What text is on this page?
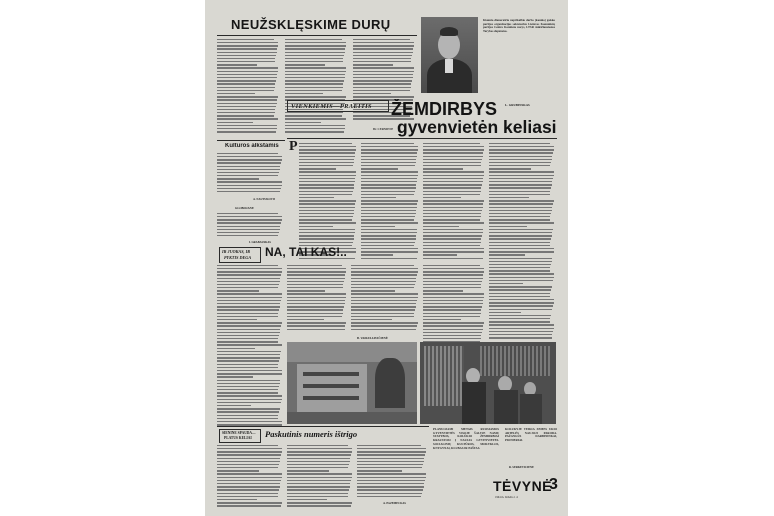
NEUŽSKLĘSKIME DURŲ
Br. CERNIENE
Kiaunio dienoraščio neprikalbio darbo (kaunio) gaisko partijos organizacijos sekretorius Lietuvos Komunistų partijos Centro Komiteto narys, LTSR Aukščiausiosios Tarybos deputatas.
Kultūros alkstamis
A. NAUTUKOVIS
GLOBOJANE
I. GRABAUSKAS
VIENKIEMIS—PRAEITIS ŽEMDIRBYS L. GRUBINSKAS
gyvenvietėn keliasi
P
IR JUOKAS, IR
PYKTIS DEGA NA, TAI KAS!..
B. VAIKULIAVIČIENĖ
PLANUOJAMI METAIS RUOŠIAMOS GYVENVIETĖS VISOJE ŠALYJE NAMŲ STATYBOS, KOLŪKIO ŽEMDIRBIAI KRAUSTOSI Į NAUJAS GYVENVIETES. SOCIALINIŲ KULTŪROS, MOKYKLOS, KNYGYNAI, KLUBAS IR PAŠTAS.
KOLŪKYJE VEIKIA ŽEMĖS ŪKIO ARTELĖS NAUJOJI PARODA. PAŽANGŪS DARBININKAI, PIONIERIAI.
R. ŠERKEVIČIENĖ
SIENINĖ SPAUDA—
PLATŪS KELIAI Paskutinis numeris ištrigo
A. PAŽEMECKAS
TĖVYNĖ
3
1964 m. birželio 1 d.
